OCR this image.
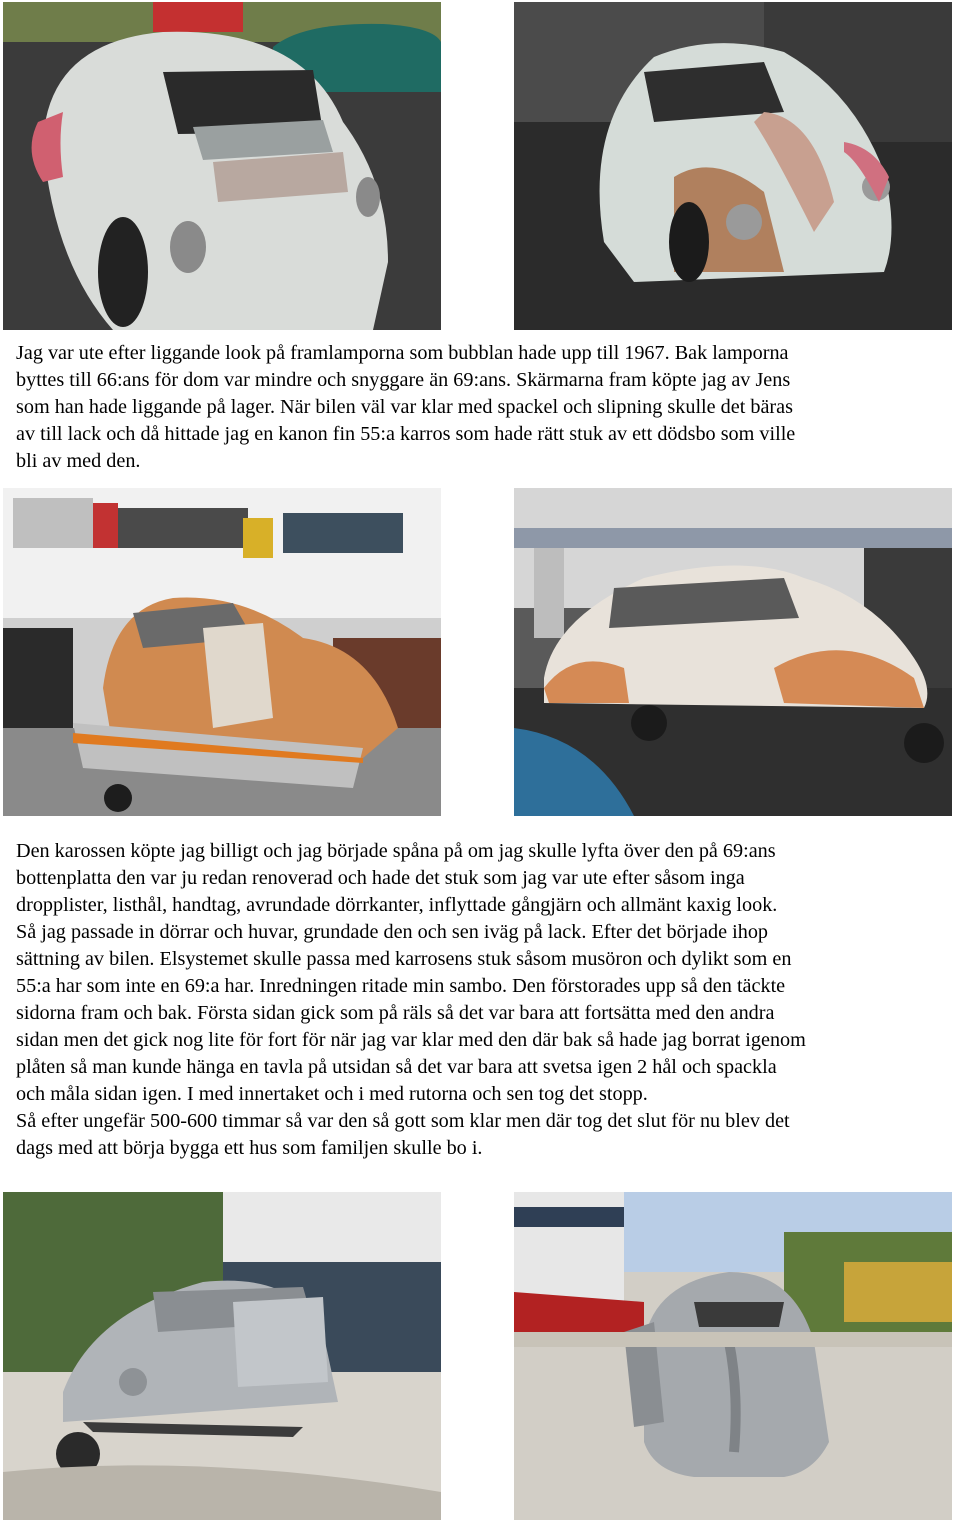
Jag var ute efter liggande look på framlamporna som bubblan hade upp till 1967. Bak lamporna
byttes till 66:ans för dom var mindre och snyggare än 69:ans. Skärmarna fram köpte jag av Jens
som han hade liggande på lager. När bilen väl var klar med spackel och slipning skulle det bäras
av till lack och då hittade jag en kanon fin 55:a karros som hade rätt stuk av ett dödsbo som ville
bli av med den.

Den karossen köpte jag billigt och jag började spåna på om jag skulle lyfta över den på 69:ans
bottenplatta den var ju redan renoverad och hade det stuk som jag var ute efter såsom inga
dropplister, listhål, handtag, avrundade dörrkanter, inflyttade gångjärn och allmänt kaxig look.
Så jag passade in dörrar och huvar, grundade den och sen iväg på lack. Efter det började ihop
sättning av bilen. Elsystemet skulle passa med karrosens stuk såsom musöron och dylikt som en
55:a har som inte en 69:a har. Inredningen ritade min sambo. Den förstorades upp så den täckte
sidorna fram och bak. Första sidan gick som på räls så det var bara att fortsätta med den andra
sidan men det gick nog lite för fort för när jag var klar med den där bak så hade jag borrat igenom
plåten så man kunde hänga en tavla på utsidan så det var bara att svetsa igen 2 hål och spackla
och måla sidan igen. I med innertaket och i med rutorna och sen tog det stopp.
Så efter ungefär 500-600 timmar så var den så gott som klar men där tog det slut för nu blev det
dags med att börja bygga ett hus som familjen skulle bo i.
